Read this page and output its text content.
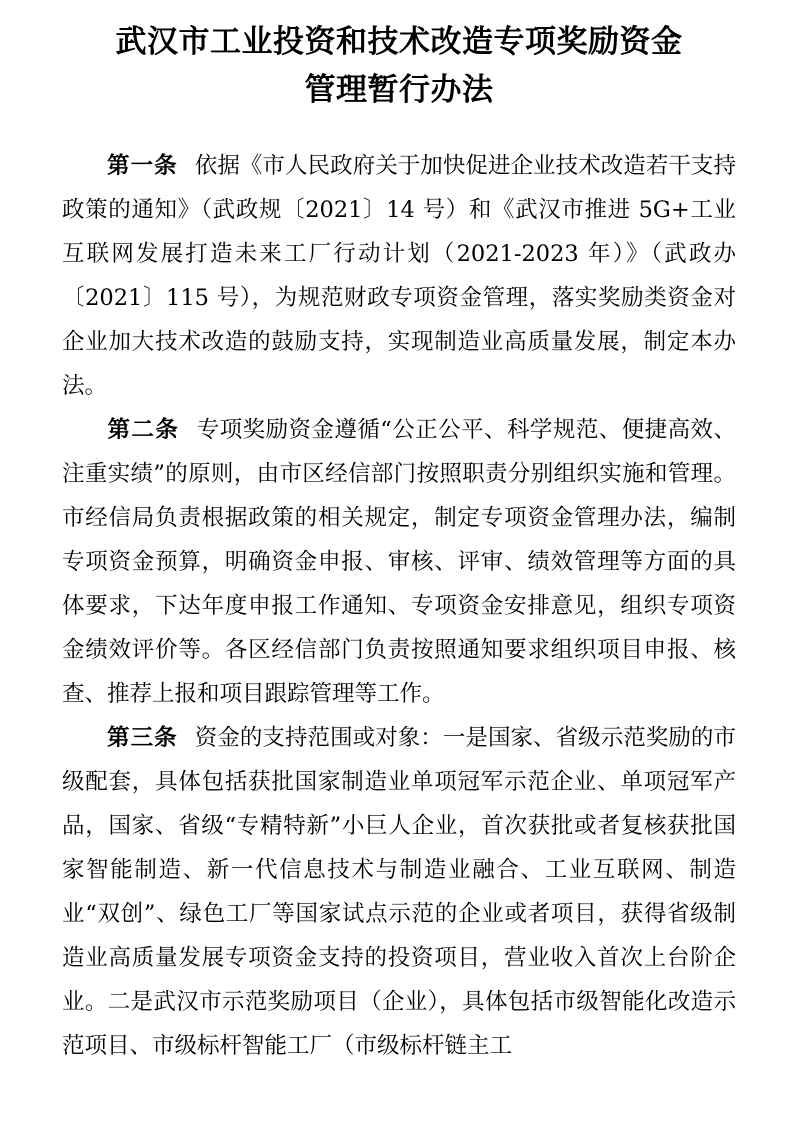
武汉市工业投资和技术改造专项奖励资金
管理暂行办法

第一条 依据《市人民政府关于加快促进企业技术改造若干支持政策的通知》（武政规〔2021〕14 号）和《武汉市推进 5G+工业互联网发展打造未来工厂行动计划（2021-2023 年）》（武政办〔2021〕115 号），为规范财政专项资金管理，落实奖励类资金对企业加大技术改造的鼓励支持，实现制造业高质量发展，制定本办法。

第二条 专项奖励资金遵循“公正公平、科学规范、便捷高效、注重实绩”的原则，由市区经信部门按照职责分别组织实施和管理。市经信局负责根据政策的相关规定，制定专项资金管理办法，编制专项资金预算，明确资金申报、审核、评审、绩效管理等方面的具体要求，下达年度申报工作通知、专项资金安排意见，组织专项资金绩效评价等。各区经信部门负责按照通知要求组织项目申报、核查、推荐上报和项目跟踪管理等工作。

第三条 资金的支持范围或对象：一是国家、省级示范奖励的市级配套，具体包括获批国家制造业单项冠军示范企业、单项冠军产品，国家、省级“专精特新”小巨人企业，首次获批或者复核获批国家智能制造、新一代信息技术与制造业融合、工业互联网、制造业“双创”、绿色工厂等国家试点示范的企业或者项目，获得省级制造业高质量发展专项资金支持的投资项目，营业收入首次上台阶企业。二是武汉市示范奖励项目（企业），具体包括市级智能化改造示范项目、市级标杆智能工厂（市级标杆链主工
